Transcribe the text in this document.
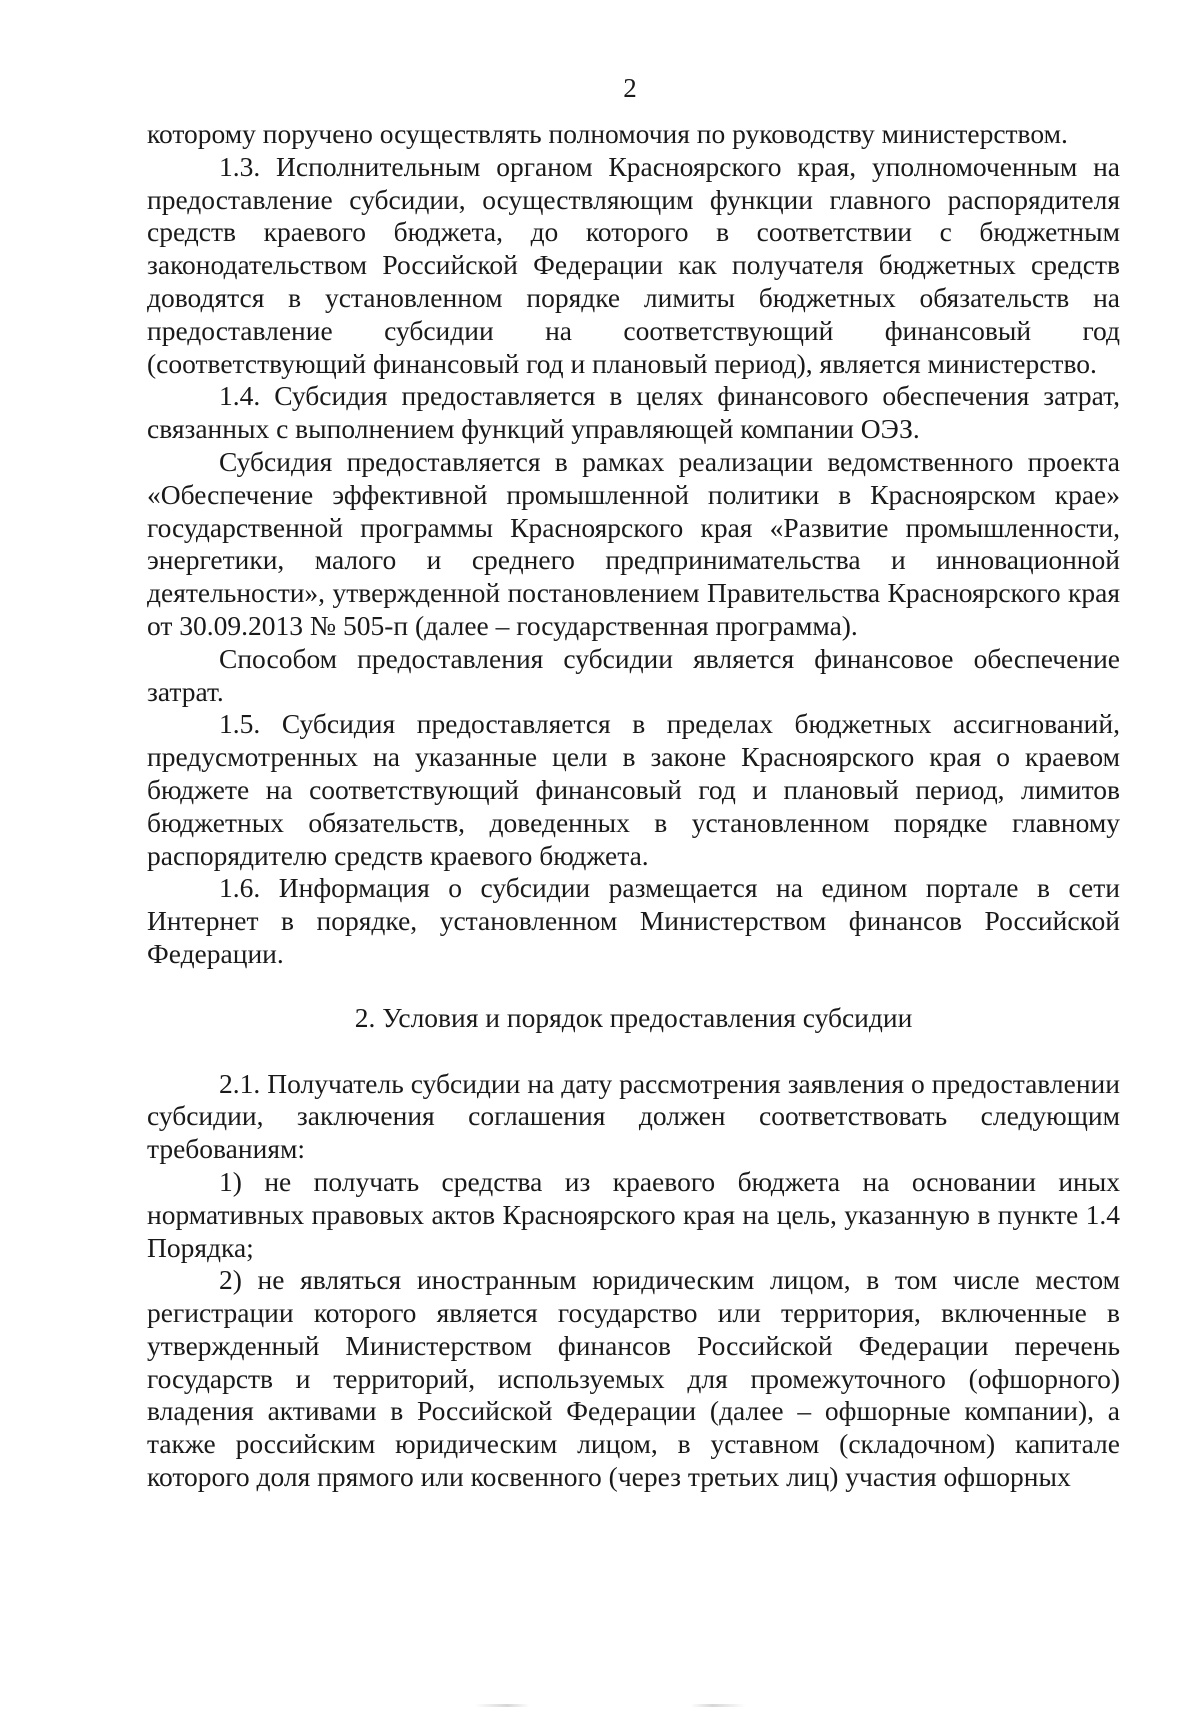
2

которому поручено осуществлять полномочия по руководству министерством.

1.3. Исполнительным органом Красноярского края, уполномоченным на предоставление субсидии, осуществляющим функции главного распорядителя средств краевого бюджета, до которого в соответствии с бюджетным законодательством Российской Федерации как получателя бюджетных средств доводятся в установленном порядке лимиты бюджетных обязательств на предоставление субсидии на соответствующий финансовый год (соответствующий финансовый год и плановый период), является министерство.

1.4. Субсидия предоставляется в целях финансового обеспечения затрат, связанных с выполнением функций управляющей компании ОЭЗ.

Субсидия предоставляется в рамках реализации ведомственного проекта «Обеспечение эффективной промышленной политики в Красноярском крае» государственной программы Красноярского края «Развитие промышленности, энергетики, малого и среднего предпринимательства и инновационной деятельности», утвержденной постановлением Правительства Красноярского края от 30.09.2013 № 505-п (далее – государственная программа).

Способом предоставления субсидии является финансовое обеспечение затрат.

1.5. Субсидия предоставляется в пределах бюджетных ассигнований, предусмотренных на указанные цели в законе Красноярского края о краевом бюджете на соответствующий финансовый год и плановый период, лимитов бюджетных обязательств, доведенных в установленном порядке главному распорядителю средств краевого бюджета.

1.6. Информация о субсидии размещается на едином портале в сети Интернет в порядке, установленном Министерством финансов Российской Федерации.

2. Условия и порядок предоставления субсидии

2.1. Получатель субсидии на дату рассмотрения заявления о предоставлении субсидии, заключения соглашения должен соответствовать следующим требованиям:

1) не получать средства из краевого бюджета на основании иных нормативных правовых актов Красноярского края на цель, указанную в пункте 1.4 Порядка;

2) не являться иностранным юридическим лицом, в том числе местом регистрации которого является государство или территория, включенные в утвержденный Министерством финансов Российской Федерации перечень государств и территорий, используемых для промежуточного (офшорного) владения активами в Российской Федерации (далее – офшорные компании), а также российским юридическим лицом, в уставном (складочном) капитале которого доля прямого или косвенного (через третьих лиц) участия офшорных
